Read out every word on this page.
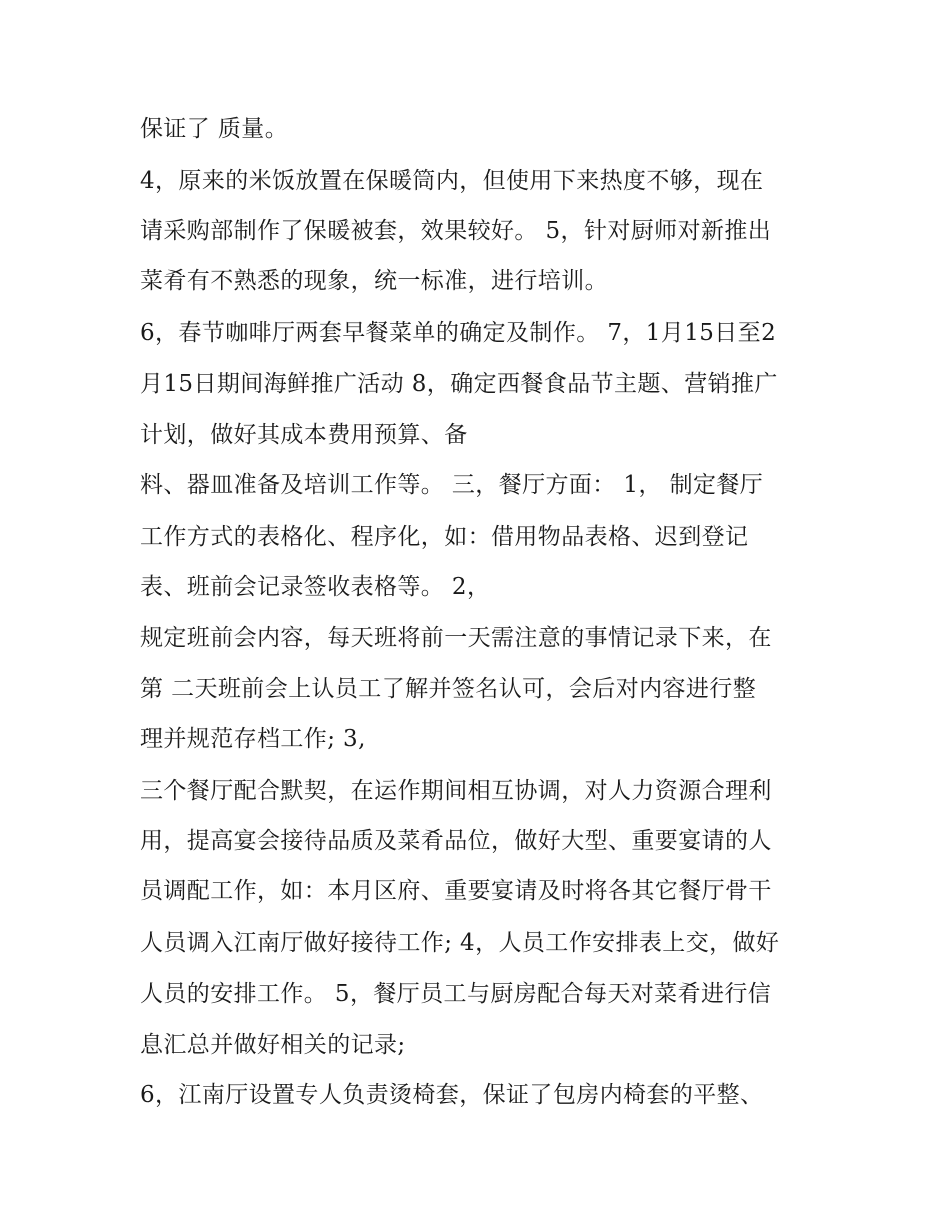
保证了 质量。

4，原来的米饭放置在保暖筒内，但使用下来热度不够，现在

请采购部制作了保暖被套，效果较好。 5，针对厨师对新推出

菜肴有不熟悉的现象，统一标准，进行培训。

6，春节咖啡厅两套早餐菜单的确定及制作。 7，1月15日至2

月15日期间海鲜推广活动 8，确定西餐食品节主题、营销推广

计划，做好其成本费用预算、备

料、器皿准备及培训工作等。 三，餐厅方面： 1， 制定餐厅

工作方式的表格化、程序化，如：借用物品表格、迟到登记

表、班前会记录签收表格等。 2，

规定班前会内容，每天班将前一天需注意的事情记录下来，在

第 二天班前会上认员工了解并签名认可，会后对内容进行整

理并规范存档工作; 3,

三个餐厅配合默契，在运作期间相互协调，对人力资源合理利

用，提高宴会接待品质及菜肴品位，做好大型、重要宴请的人

员调配工作，如：本月区府、重要宴请及时将各其它餐厅骨干

人员调入江南厅做好接待工作; 4，人员工作安排表上交，做好

人员的安排工作。 5，餐厅员工与厨房配合每天对菜肴进行信

息汇总并做好相关的记录;

6，江南厅设置专人负责烫椅套，保证了包房内椅套的平整、
